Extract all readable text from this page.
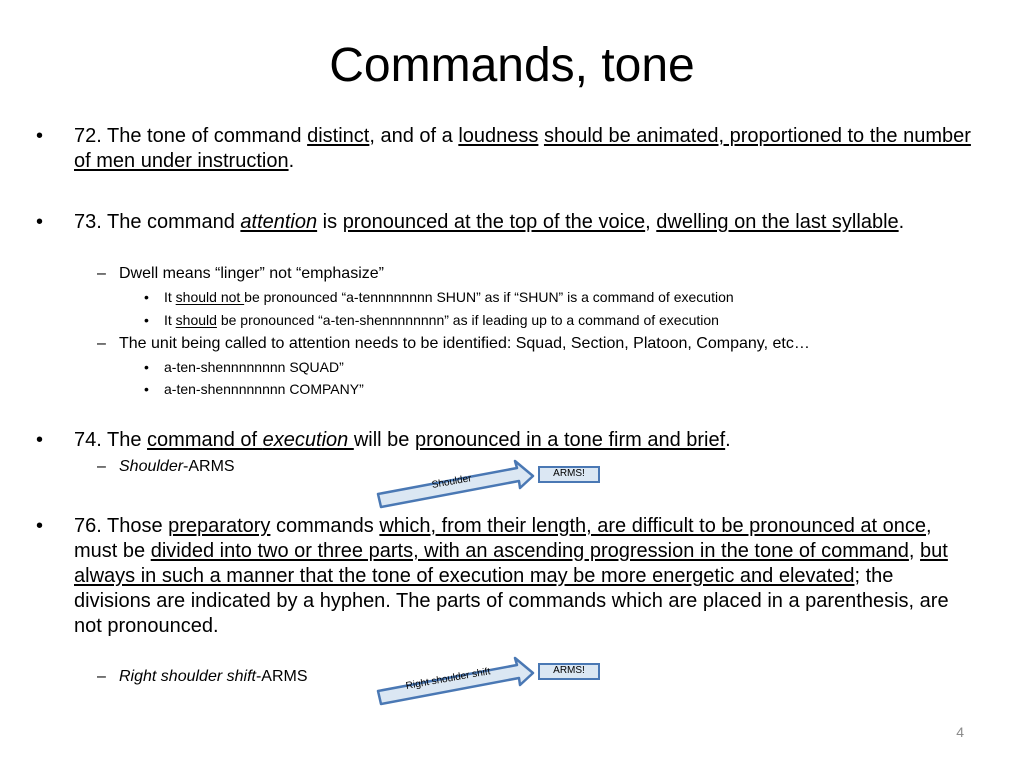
Commands, tone
• 72. The tone of command distinct, and of a loudness should be animated, proportioned to the number of men under instruction.
• 73. The command attention is pronounced at the top of the voice, dwelling on the last syllable.
– Dwell means “linger” not “emphasize”
• It should not be pronounced “a-tennnnnnnn SHUN” as if “SHUN” is a command of execution
• It should be pronounced “a-ten-shennnnnnnn” as if leading up to a command of execution
– The unit being called to attention needs to be identified: Squad, Section, Platoon, Company, etc…
• a-ten-shennnnnnnn SQUAD”
• a-ten-shennnnnnnn COMPANY”
• 74. The command of execution will be pronounced in a tone firm and brief.
– Shoulder-ARMS
Shoulder	ARMS!
• 76. Those preparatory commands which, from their length, are difficult to be pronounced at once, must be divided into two or three parts, with an ascending progression in the tone of command, but always in such a manner that the tone of execution may be more energetic and elevated; the divisions are indicated by a hyphen. The parts of commands which are placed in a parenthesis, are not pronounced.
– Right shoulder shift-ARMS	Right shoulder shift	ARMS!
4
